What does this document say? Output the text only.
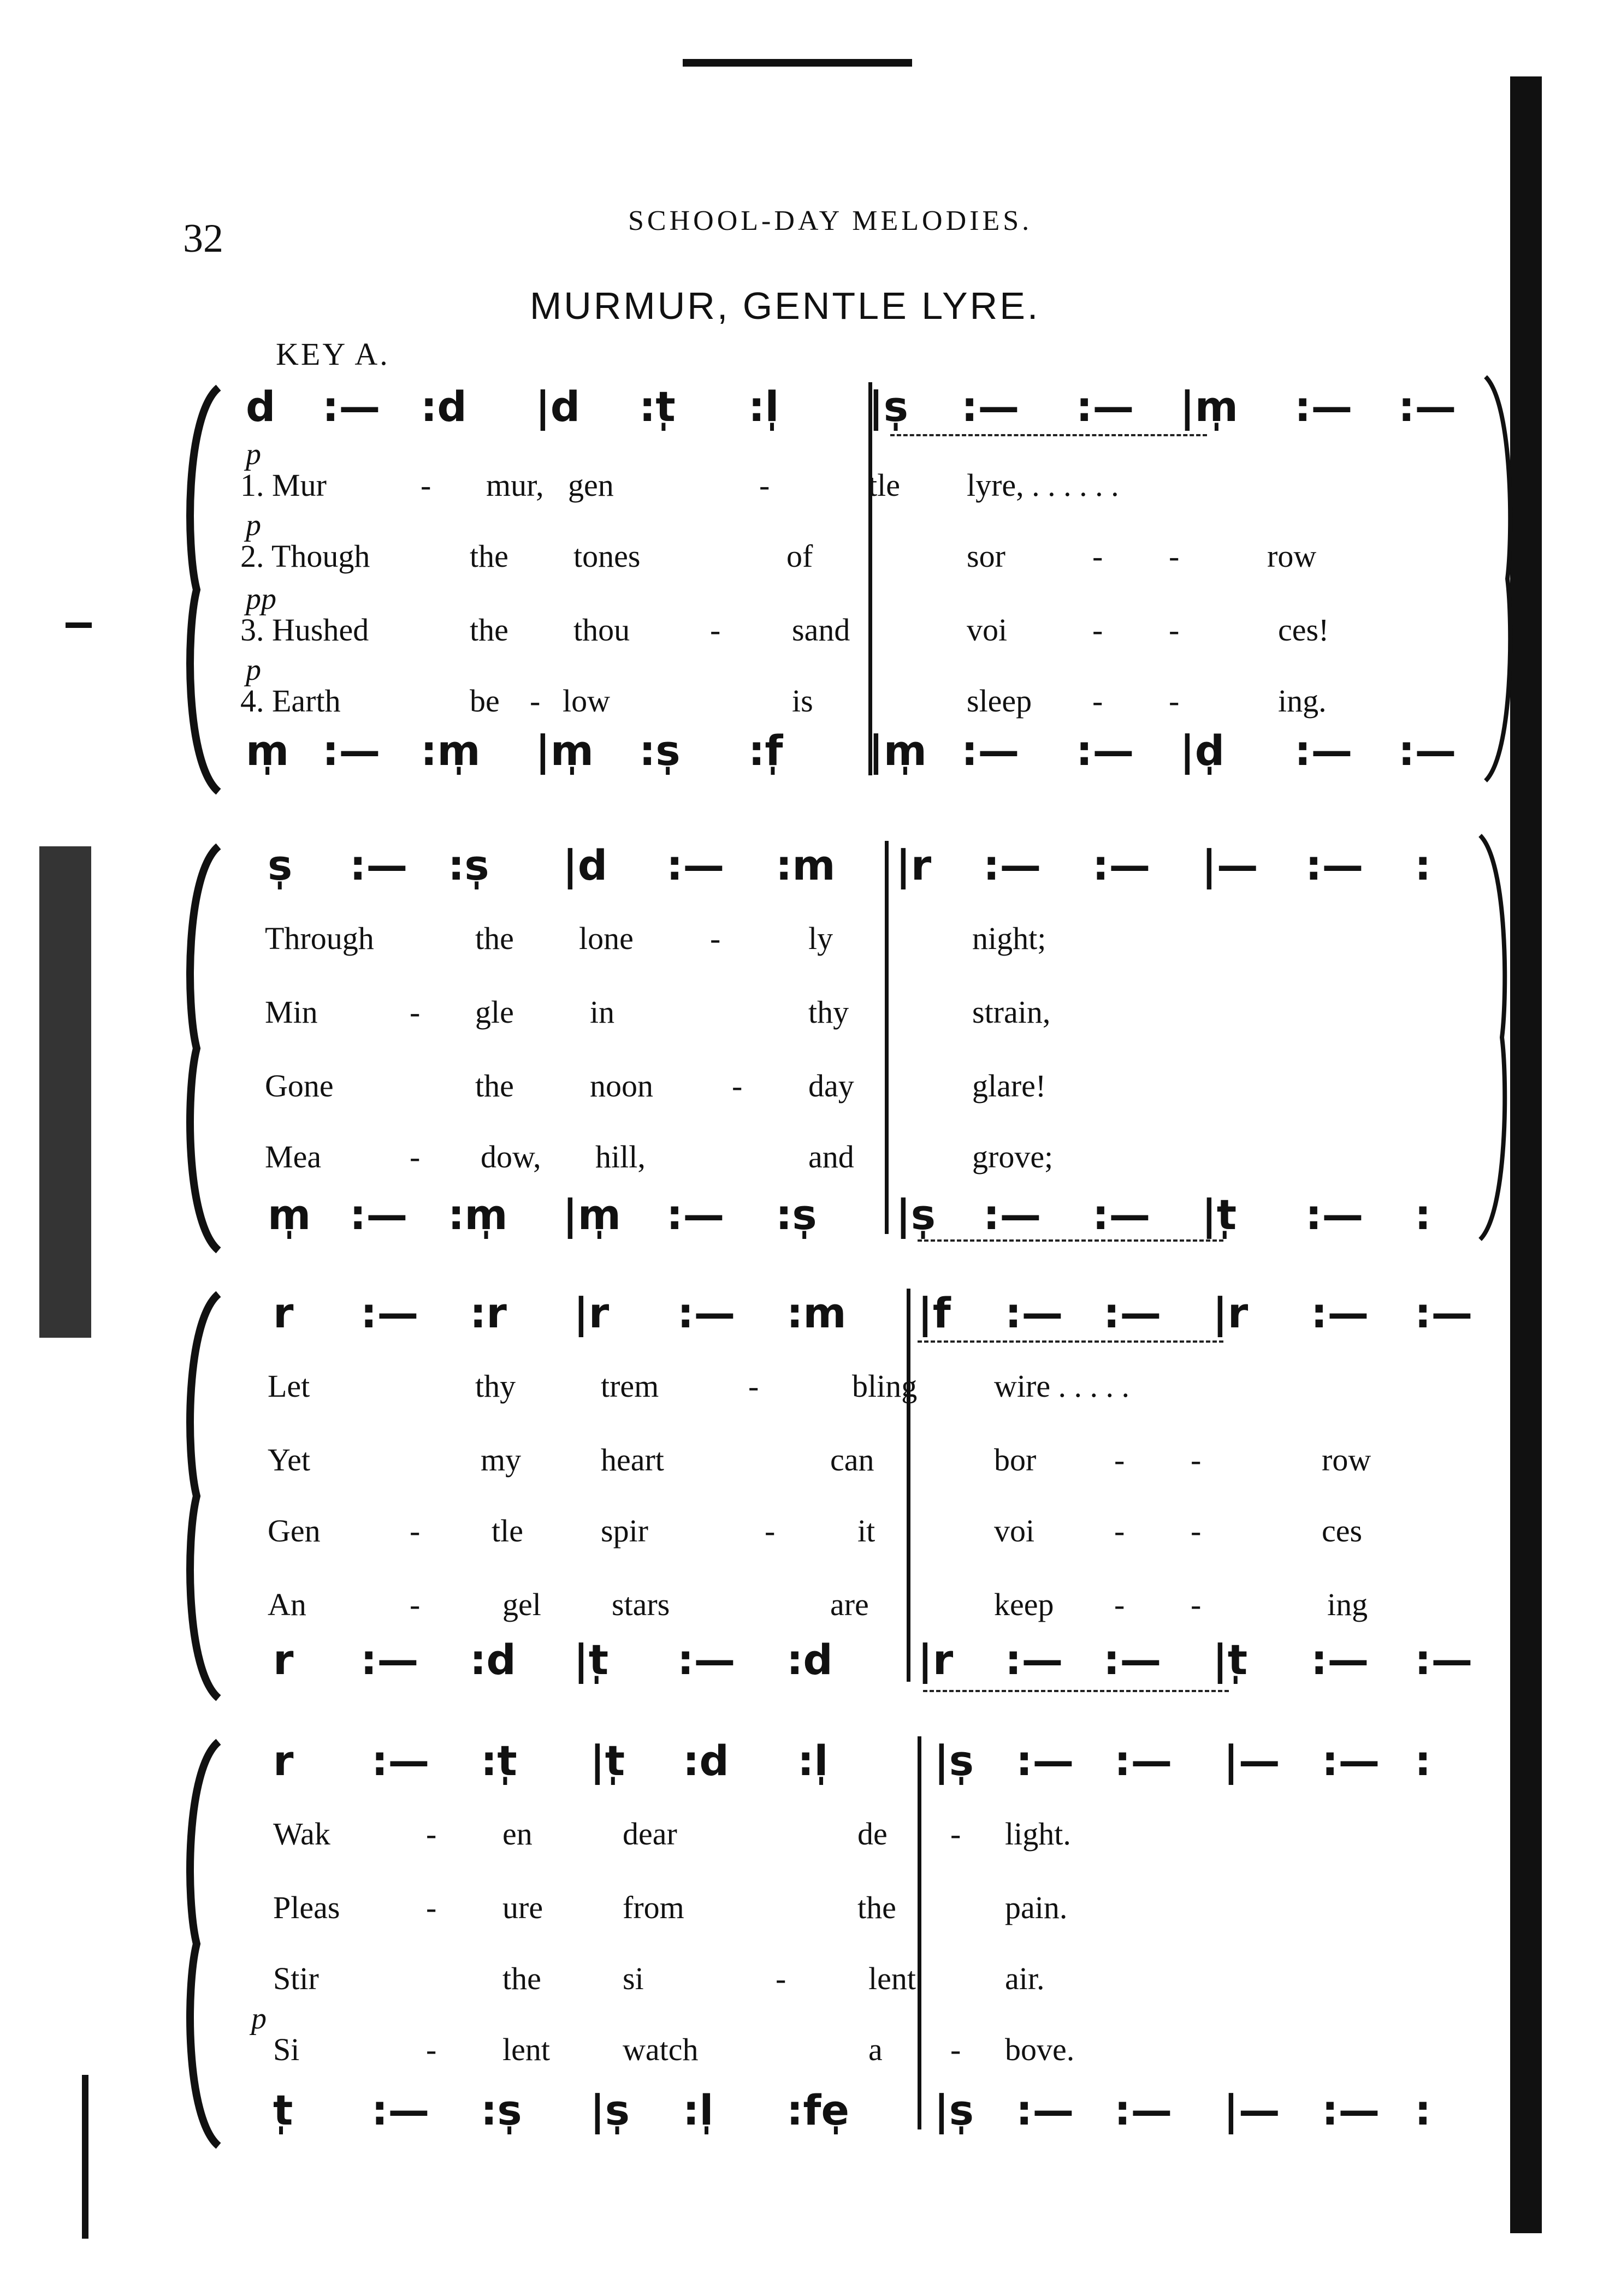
32	SCHOOL-DAY MELODIES.
MURMUR, GENTLE LYRE.
KEY A.
d :— :d |d :t̩ :l̩ |s̩ :— :— |m̩ :— :—
p
1. Mur	- mur, gen	-	tle lyre, . . . . . .
p
2. Though	the tones	of	sor	- -	row
pp
3. Hushed	the thou	- sand	voi	- -	ces!
p
4. Earth	be - low	is	sleep - -	ing.
m̩ :— :m̩ |m̩ :s̩ :f̩ |m̩ :— :— |d̩ :— :—
s̩ :— :s̩ |d :— :m |r :— :— |— :— :
Through	the lone -	ly	night;
Min	- gle in	thy	strain,
Gone	the noon - day	glare!
Mea	- dow, hill,	and	grove;
m̩ :— :m̩ |m̩ :— :s̩ |s̩ :— :— |t̩ :— :
r :— :r |r :— :m |f :— :— |r :— :—
Let	thy	trem	-	bling wire . . . . .
Yet	my	heart	can	bor - -	row
Gen	- tle spir	-	it	voi	- -	ces
An	-	gel stars	are	keep - -	ing
r :— :d |t̩ :— :d |r :— :— |t̩ :— :—
r :— :t̩ |t̩ :d :l̩	|s̩ :— :— |— :— :
Wak	- en	dear	de - light.
Pleas	- ure	from	the	pain.
Stir	the	si	-	lent	air.
p
Si	- lent watch	a - bove.
t̩ :— :s̩ |s̩ :l̩ :fe̩ |s̩ :— :— |— :— :
